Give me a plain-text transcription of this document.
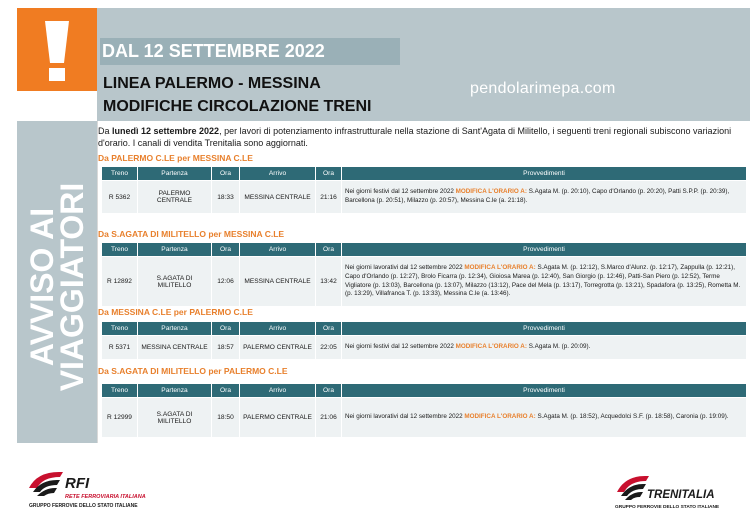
DAL 12 SETTEMBRE 2022
LINEA PALERMO - MESSINA
MODIFICHE CIRCOLAZIONE TRENI
pendolarimepa.com
AVVISO AI
VIAGGIATORI
Da lunedì 12 settembre 2022, per lavori di potenziamento infrastrutturale nella stazione di Sant'Agata di Militello, i seguenti treni regionali subiscono variazioni d'orario. I canali di vendita Trenitalia sono aggiornati.
Da PALERMO C.LE per MESSINA C.LE
Treno	Partenza	Ora	Arrivo	Ora	Provvedimenti
R 5362	PALERMO CENTRALE	18:33	MESSINA CENTRALE	21:16	Nei giorni festivi dal 12 settembre 2022 MODIFICA L'ORARIO A: S.Agata M. (p. 20:10), Capo d'Orlando (p. 20:20), Patti S.P.P. (p. 20:39), Barcellona (p. 20:51), Milazzo (p. 20:57), Messina C.le (a. 21:18).
Da S.AGATA DI MILITELLO per MESSINA C.LE
Treno	Partenza	Ora	Arrivo	Ora	Provvedimenti
R 12892	S.AGATA DI MILITELLO	12:06	MESSINA CENTRALE	13:42	Nei giorni lavorativi dal 12 settembre 2022 MODIFICA L'ORARIO A: S.Agata M. (p. 12:12), S.Marco d'Alunz. (p. 12:17), Zappulla (p. 12:21), Capo d'Orlando (p. 12:27), Brolo Ficarra (p. 12:34), Gioiosa Marea (p. 12:40), San Giorgio (p. 12:46), Patti-San Piero (p. 12:52), Terme Vigliatore (p. 13:03), Barcellona (p. 13:07), Milazzo (13:12), Pace del Mela (p. 13:17), Torregrotta (p. 13:21), Spadafora (p. 13:25), Rometta M. (p. 13:29), Villafranca T. (p. 13:33), Messina C.le (a. 13:46).
Da MESSINA C.LE per PALERMO C.LE
Treno	Partenza	Ora	Arrivo	Ora	Provvedimenti
R 5371	MESSINA CENTRALE	18:57	PALERMO CENTRALE	22:05	Nei giorni festivi dal 12 settembre 2022 MODIFICA L'ORARIO A: S.Agata M. (p. 20:09).
Da S.AGATA DI MILITELLO per PALERMO C.LE
Treno	Partenza	Ora	Arrivo	Ora	Provvedimenti
R 12999	S.AGATA DI MILITELLO	18:50	PALERMO CENTRALE	21:06	Nei giorni lavorativi dal 12 settembre 2022 MODIFICA L'ORARIO A: S.Agata M. (p. 18:52), Acquedolci S.F. (p. 18:58), Caronia (p. 19:09).
RFI
RETE FERROVIARIA ITALIANA
GRUPPO FERROVIE DELLO STATO ITALIANE
TRENITALIA
GRUPPO FERROVIE DELLO STATO ITALIANE
